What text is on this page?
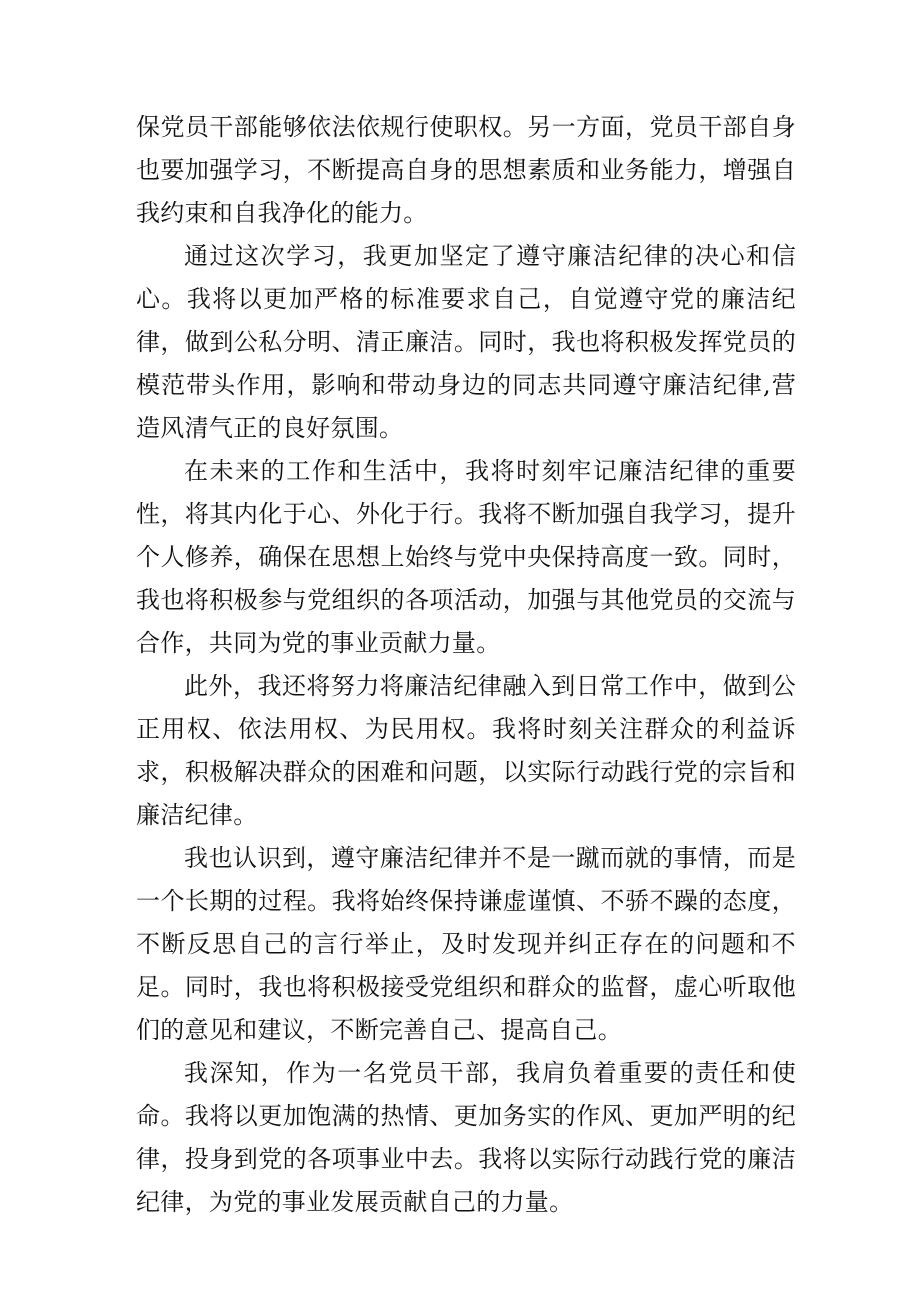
保党员干部能够依法依规行使职权。另一方面，党员干部自身也要加强学习，不断提高自身的思想素质和业务能力，增强自我约束和自我净化的能力。

通过这次学习，我更加坚定了遵守廉洁纪律的决心和信心。我将以更加严格的标准要求自己，自觉遵守党的廉洁纪律，做到公私分明、清正廉洁。同时，我也将积极发挥党员的模范带头作用，影响和带动身边的同志共同遵守廉洁纪律,营造风清气正的良好氛围。

在未来的工作和生活中，我将时刻牢记廉洁纪律的重要性，将其内化于心、外化于行。我将不断加强自我学习，提升个人修养，确保在思想上始终与党中央保持高度一致。同时，我也将积极参与党组织的各项活动，加强与其他党员的交流与合作，共同为党的事业贡献力量。

此外，我还将努力将廉洁纪律融入到日常工作中，做到公正用权、依法用权、为民用权。我将时刻关注群众的利益诉求，积极解决群众的困难和问题，以实际行动践行党的宗旨和廉洁纪律。

我也认识到，遵守廉洁纪律并不是一蹴而就的事情，而是一个长期的过程。我将始终保持谦虚谨慎、不骄不躁的态度，不断反思自己的言行举止，及时发现并纠正存在的问题和不足。同时，我也将积极接受党组织和群众的监督，虚心听取他们的意见和建议，不断完善自己、提高自己。

我深知，作为一名党员干部，我肩负着重要的责任和使命。我将以更加饱满的热情、更加务实的作风、更加严明的纪律，投身到党的各项事业中去。我将以实际行动践行党的廉洁纪律，为党的事业发展贡献自己的力量。
